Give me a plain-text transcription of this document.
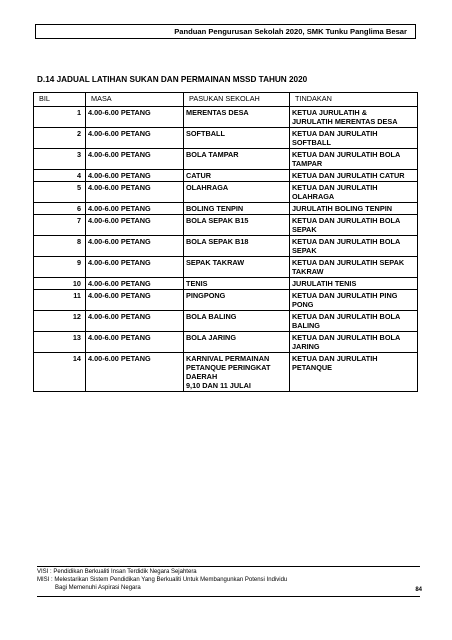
Panduan Pengurusan Sekolah 2020, SMK Tunku Panglima Besar
D.14 JADUAL LATIHAN SUKAN DAN PERMAINAN MSSD TAHUN 2020
BIL	MASA	PASUKAN SEKOLAH	TINDAKAN
1	4.00-6.00 PETANG	MERENTAS DESA	KETUA JURULATIH &
JURULATIH MERENTAS DESA
2	4.00-6.00 PETANG	SOFTBALL	KETUA DAN JURULATIH
SOFTBALL
3	4.00-6.00 PETANG	BOLA TAMPAR	KETUA DAN JURULATIH BOLA
TAMPAR
4	4.00-6.00 PETANG	CATUR	KETUA DAN JURULATIH CATUR
5	4.00-6.00 PETANG	OLAHRAGA	KETUA DAN JURULATIH
OLAHRAGA
6	4.00-6.00 PETANG	BOLING TENPIN	JURULATIH BOLING TENPIN
7	4.00-6.00 PETANG	BOLA SEPAK B15	KETUA DAN JURULATIH BOLA
SEPAK
8	4.00-6.00 PETANG	BOLA SEPAK B18	KETUA DAN JURULATIH BOLA
SEPAK
9	4.00-6.00 PETANG	SEPAK TAKRAW	KETUA DAN JURULATIH SEPAK
TAKRAW
10	4.00-6.00 PETANG	TENIS	JURULATIH TENIS
11	4.00-6.00 PETANG	PINGPONG	KETUA DAN JURULATIH PING
PONG
12	4.00-6.00 PETANG	BOLA BALING	KETUA DAN JURULATIH BOLA
BALING
13	4.00-6.00 PETANG	BOLA JARING	KETUA DAN JURULATIH BOLA
JARING
14	4.00-6.00 PETANG	KARNIVAL PERMAINAN
PETANQUE PERINGKAT
DAERAH
9,10 DAN 11 JULAI	KETUA DAN JURULATIH
PETANQUE
VISI : Pendidikan Berkualiti Insan Terdidik Negara Sejahtera
MISI : Melestarikan Sistem Pendidikan Yang Berkualiti Untuk Membangunkan Potensi Individu
Bagi Memenuhi Aspirasi Negara	84
